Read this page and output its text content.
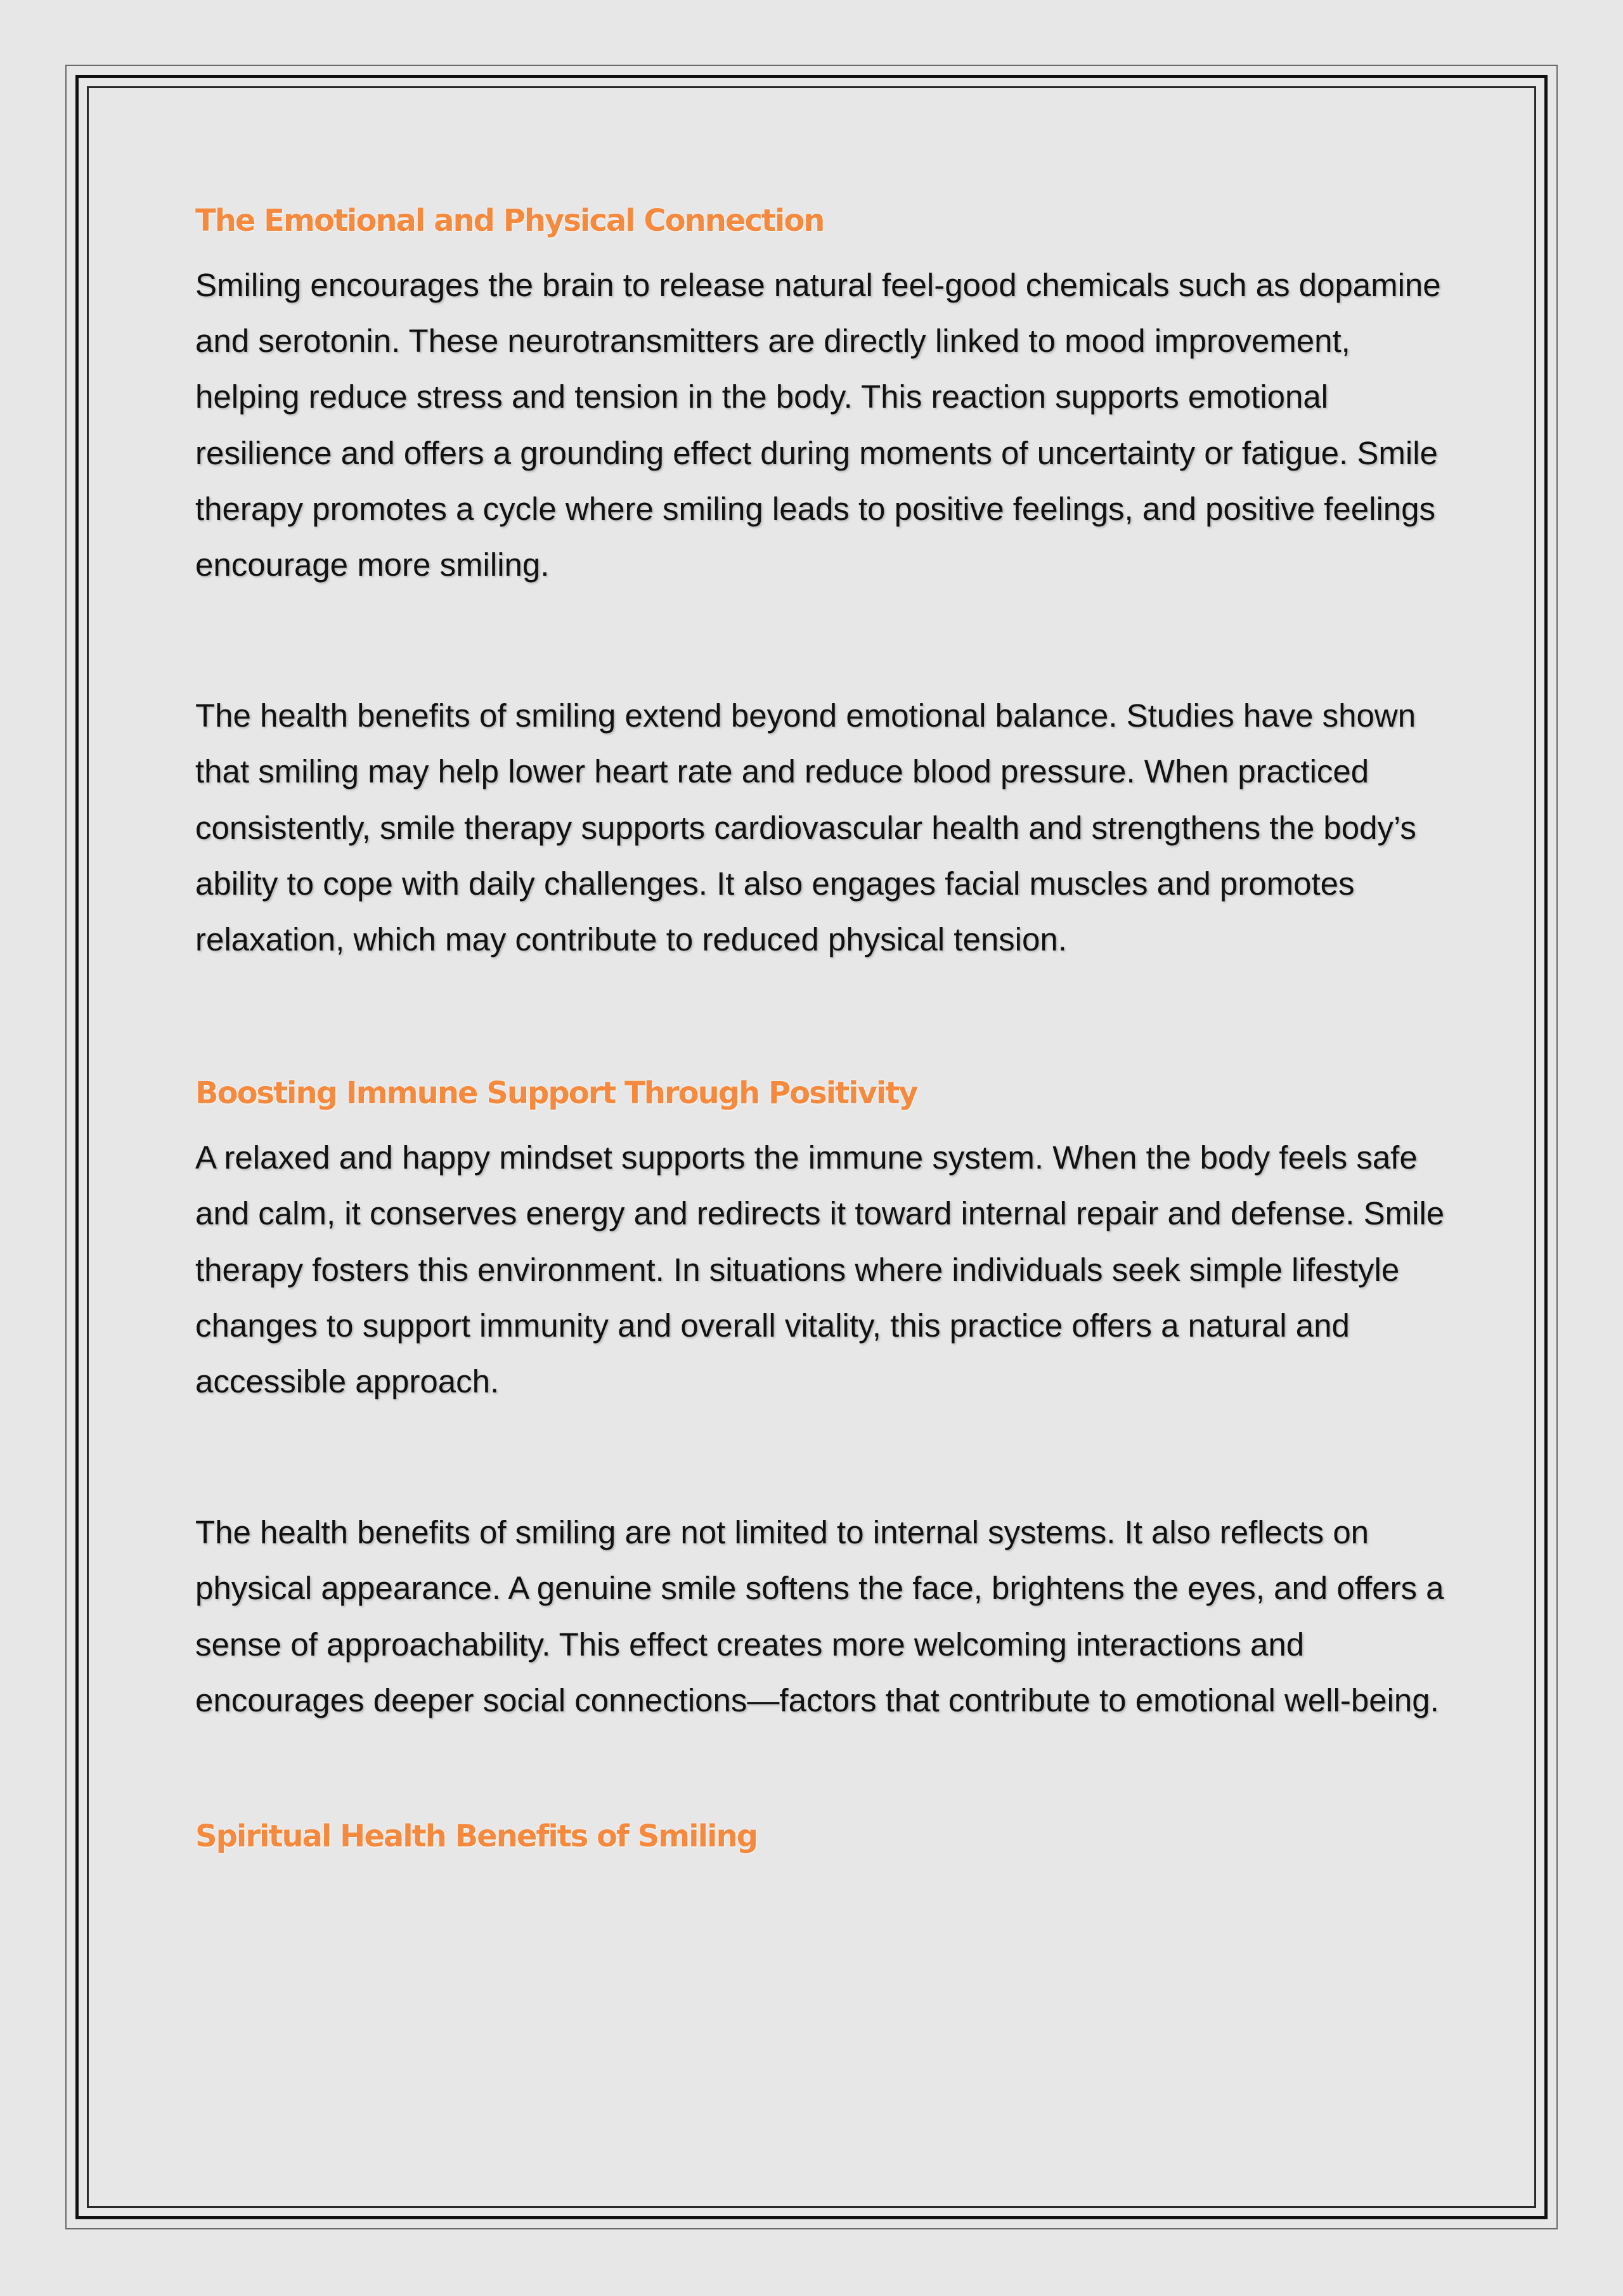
The Emotional and Physical Connection

Smiling encourages the brain to release natural feel-good chemicals such as dopamine and serotonin. These neurotransmitters are directly linked to mood improvement, helping reduce stress and tension in the body. This reaction supports emotional resilience and offers a grounding effect during moments of uncertainty or fatigue. Smile therapy promotes a cycle where smiling leads to positive feelings, and positive feelings encourage more smiling.

The health benefits of smiling extend beyond emotional balance. Studies have shown that smiling may help lower heart rate and reduce blood pressure. When practiced consistently, smile therapy supports cardiovascular health and strengthens the body’s ability to cope with daily challenges. It also engages facial muscles and promotes relaxation, which may contribute to reduced physical tension.

Boosting Immune Support Through Positivity

A relaxed and happy mindset supports the immune system. When the body feels safe and calm, it conserves energy and redirects it toward internal repair and defense. Smile therapy fosters this environment. In situations where individuals seek simple lifestyle changes to support immunity and overall vitality, this practice offers a natural and accessible approach.

The health benefits of smiling are not limited to internal systems. It also reflects on physical appearance. A genuine smile softens the face, brightens the eyes, and offers a sense of approachability. This effect creates more welcoming interactions and encourages deeper social connections—factors that contribute to emotional well-being.

Spiritual Health Benefits of Smiling
